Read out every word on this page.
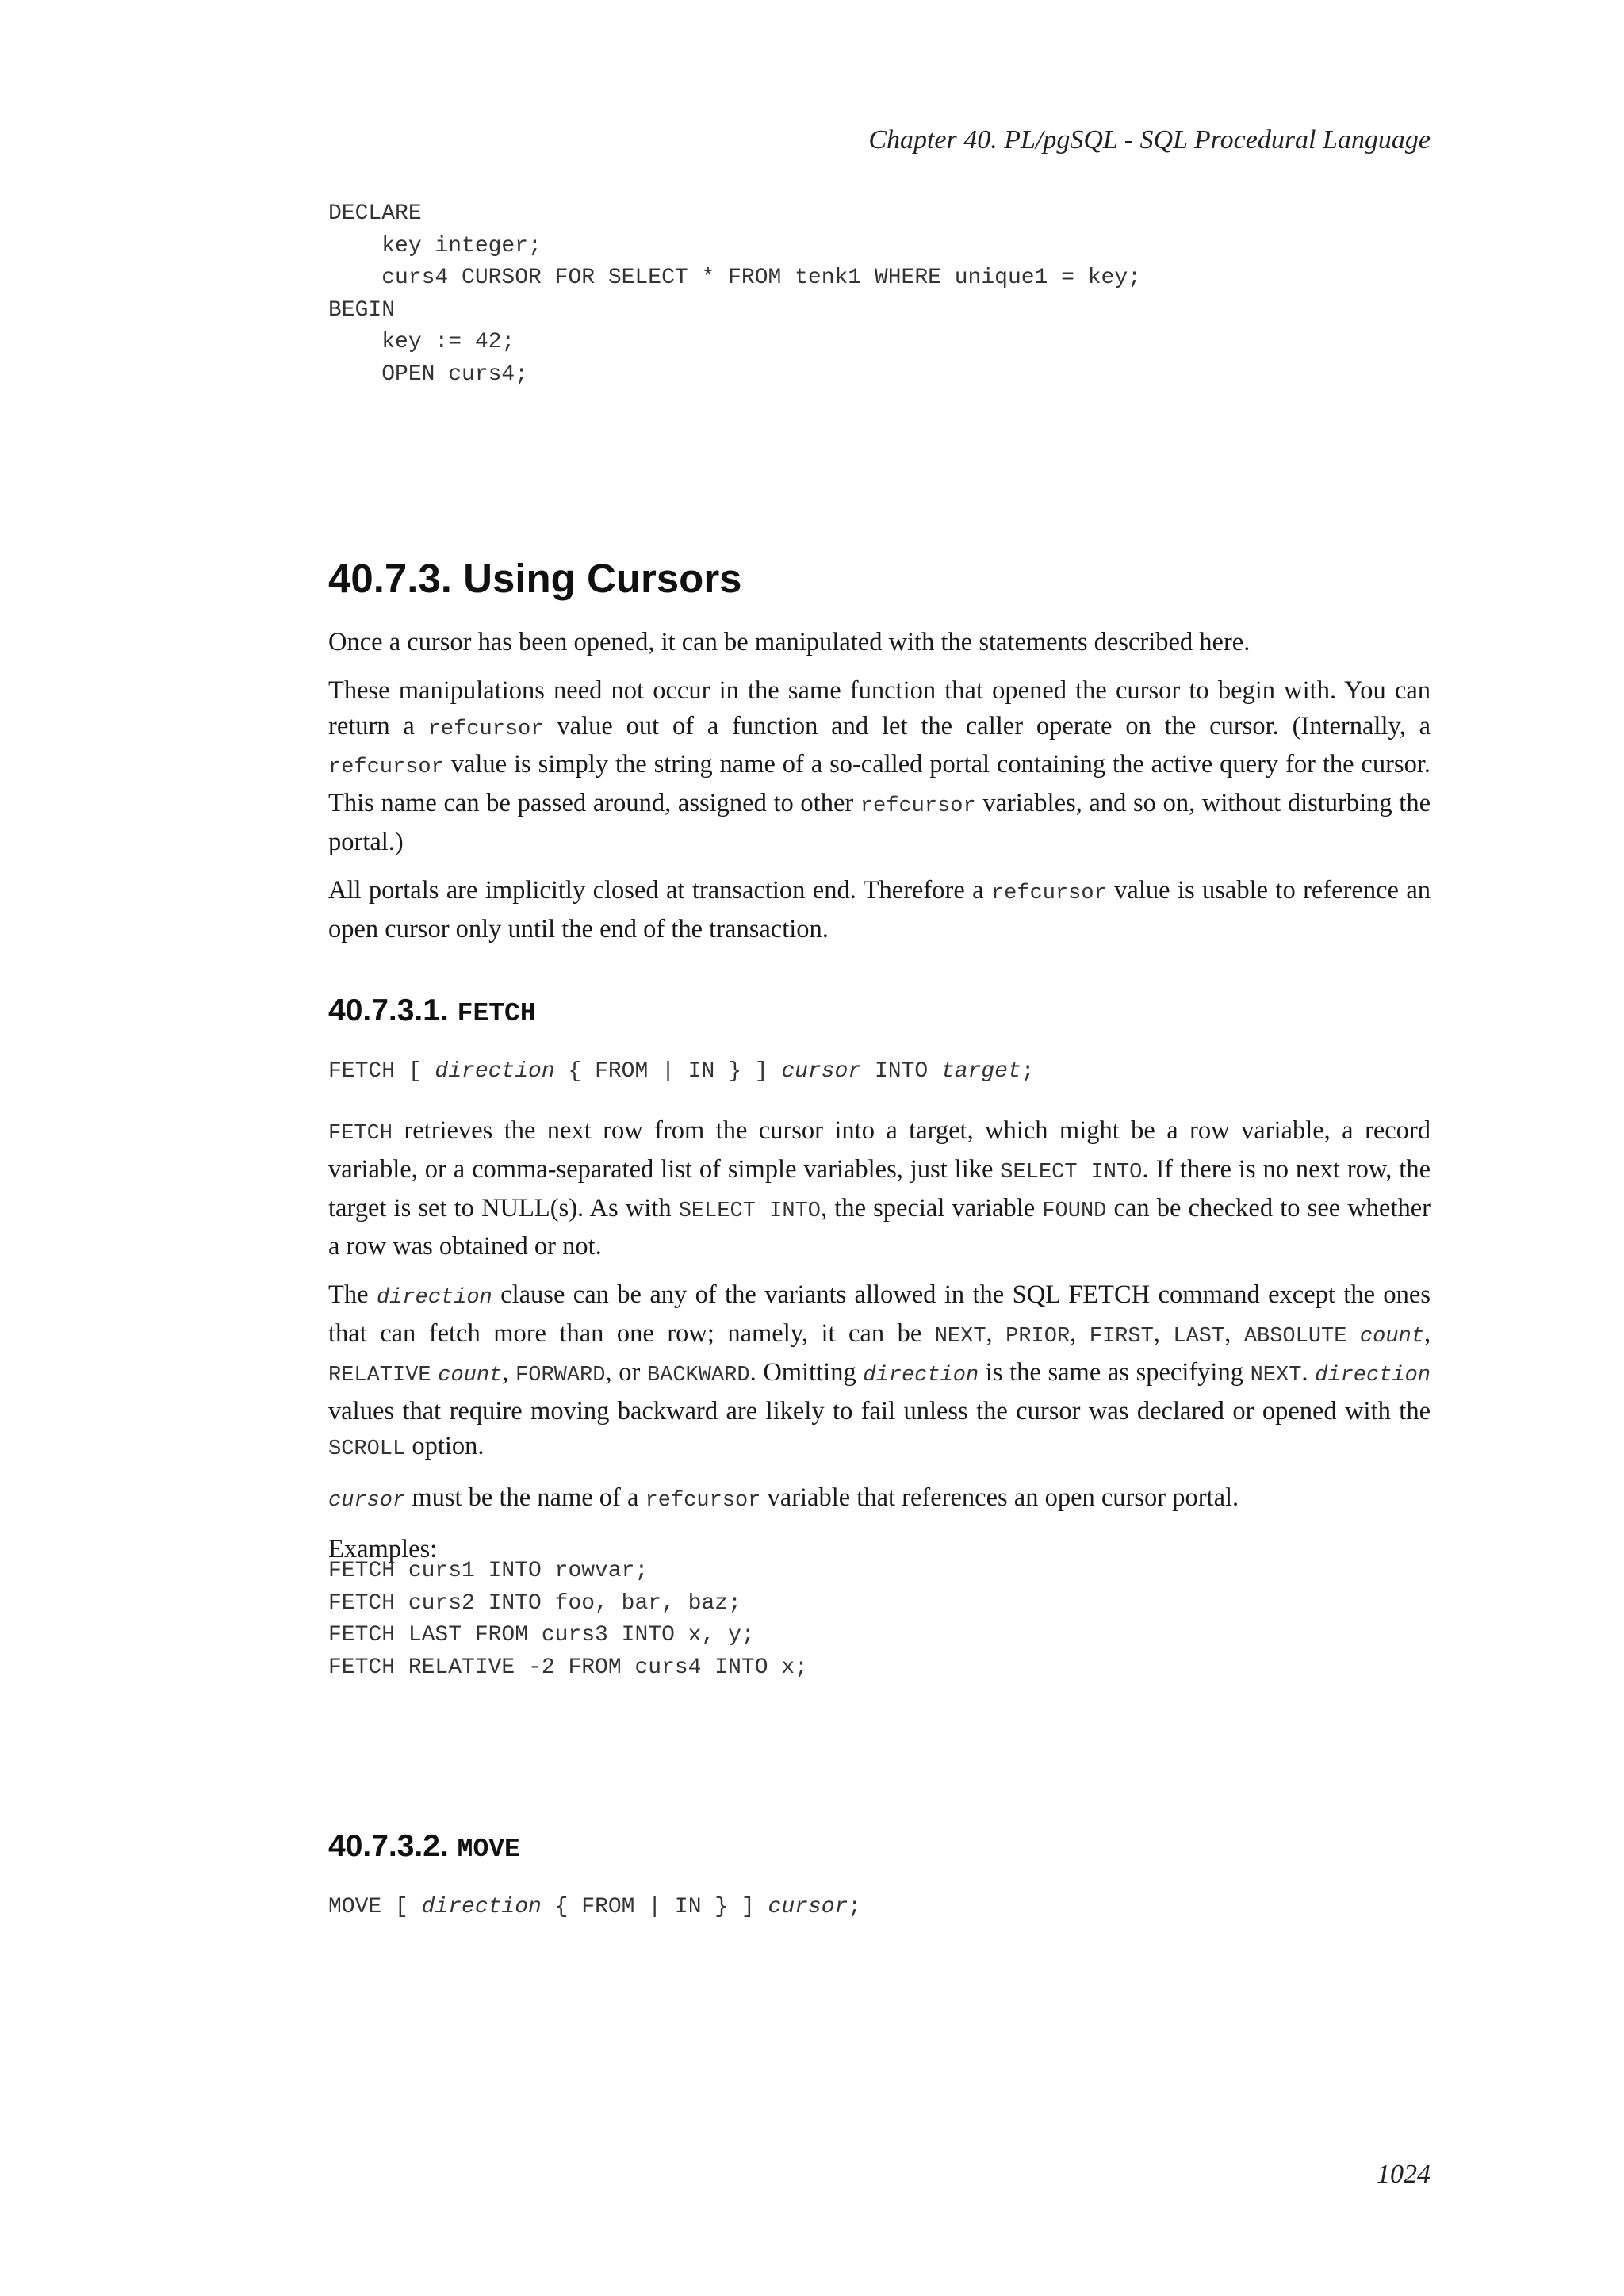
Chapter 40. PL/pgSQL - SQL Procedural Language
DECLARE
key integer;
curs4 CURSOR FOR SELECT * FROM tenk1 WHERE unique1 = key;
BEGIN
key := 42;
OPEN curs4;
40.7.3. Using Cursors

Once a cursor has been opened, it can be manipulated with the statements described here.

These manipulations need not occur in the same function that opened the cursor to begin with. You can return a refcursor value out of a function and let the caller operate on the cursor. (Internally, a refcursor value is simply the string name of a so-called portal containing the active query for the cursor. This name can be passed around, assigned to other refcursor variables, and so on, without disturbing the portal.)

All portals are implicitly closed at transaction end. Therefore a refcursor value is usable to reference an open cursor only until the end of the transaction.

40.7.3.1. FETCH
FETCH [ direction { FROM | IN } ] cursor INTO target;

FETCH retrieves the next row from the cursor into a target, which might be a row variable, a record variable, or a comma-separated list of simple variables, just like SELECT INTO. If there is no next row, the target is set to NULL(s). As with SELECT INTO, the special variable FOUND can be checked to see whether a row was obtained or not.

The direction clause can be any of the variants allowed in the SQL FETCH command except the ones that can fetch more than one row; namely, it can be NEXT, PRIOR, FIRST, LAST, ABSOLUTE count, RELATIVE count, FORWARD, or BACKWARD. Omitting direction is the same as specifying NEXT. direction values that require moving backward are likely to fail unless the cursor was declared or opened with the SCROLL option.

cursor must be the name of a refcursor variable that references an open cursor portal.

Examples:

FETCH curs1 INTO rowvar;
FETCH curs2 INTO foo, bar, baz;
FETCH LAST FROM curs3 INTO x, y;
FETCH RELATIVE -2 FROM curs4 INTO x;
40.7.3.2. MOVE
MOVE [ direction { FROM | IN } ] cursor;
1024
